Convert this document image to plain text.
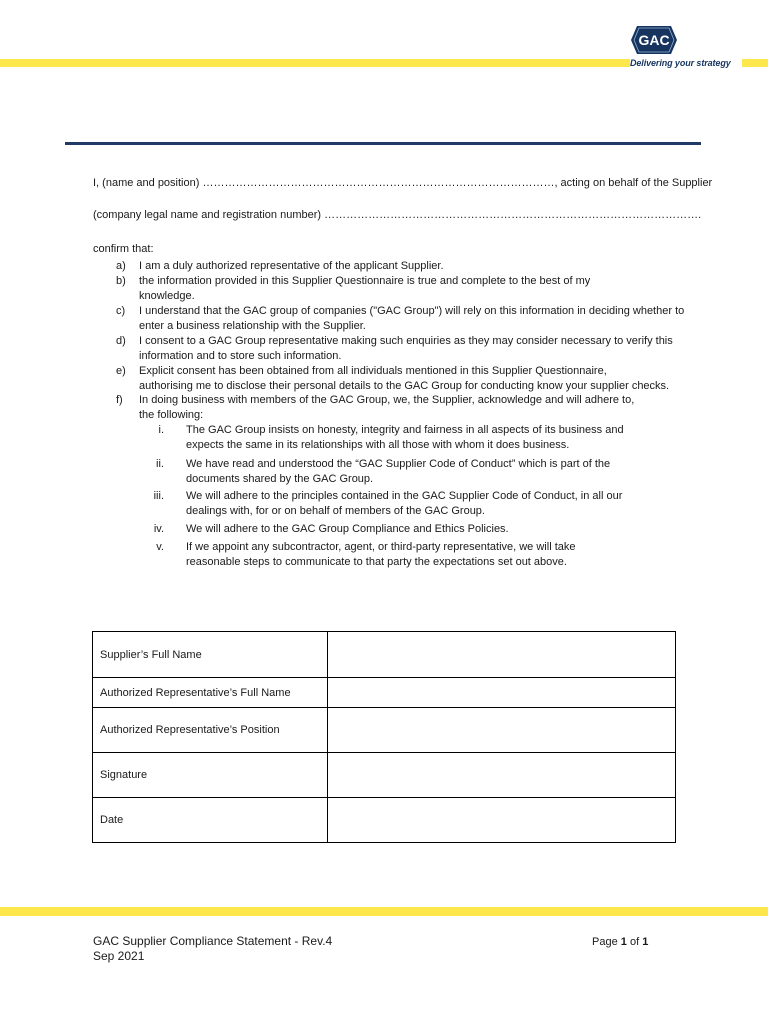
GAC
Delivering your strategy
I, (name and position) ……………………………………………………………………………………, acting on behalf of the Supplier
(company legal name and registration number) ………………………………………………………………………………………….
confirm that:
a) I am a duly authorized representative of the applicant Supplier.
b) the information provided in this Supplier Questionnaire is true and complete to the best of my
knowledge.
c) I understand that the GAC group of companies ("GAC Group") will rely on this information in deciding whether to
enter a business relationship with the Supplier.
d) I consent to a GAC Group representative making such enquiries as they may consider necessary to verify this
information and to store such information.
e) Explicit consent has been obtained from all individuals mentioned in this Supplier Questionnaire,
authorising me to disclose their personal details to the GAC Group for conducting know your supplier checks.
f) In doing business with members of the GAC Group, we, the Supplier, acknowledge and will adhere to,
the following:
i. The GAC Group insists on honesty, integrity and fairness in all aspects of its business and
expects the same in its relationships with all those with whom it does business.
ii. We have read and understood the “GAC Supplier Code of Conduct” which is part of the
documents shared by the GAC Group.
iii. We will adhere to the principles contained in the GAC Supplier Code of Conduct, in all our
dealings with, for or on behalf of members of the GAC Group.
iv. We will adhere to the GAC Group Compliance and Ethics Policies.
v. If we appoint any subcontractor, agent, or third-party representative, we will take
reasonable steps to communicate to that party the expectations set out above.
Supplier’s Full Name	
Authorized Representative’s Full Name	
Authorized Representative’s Position	
Signature	
Date	
GAC Supplier Compliance Statement - Rev.4
Sep 2021
Page 1 of 1
